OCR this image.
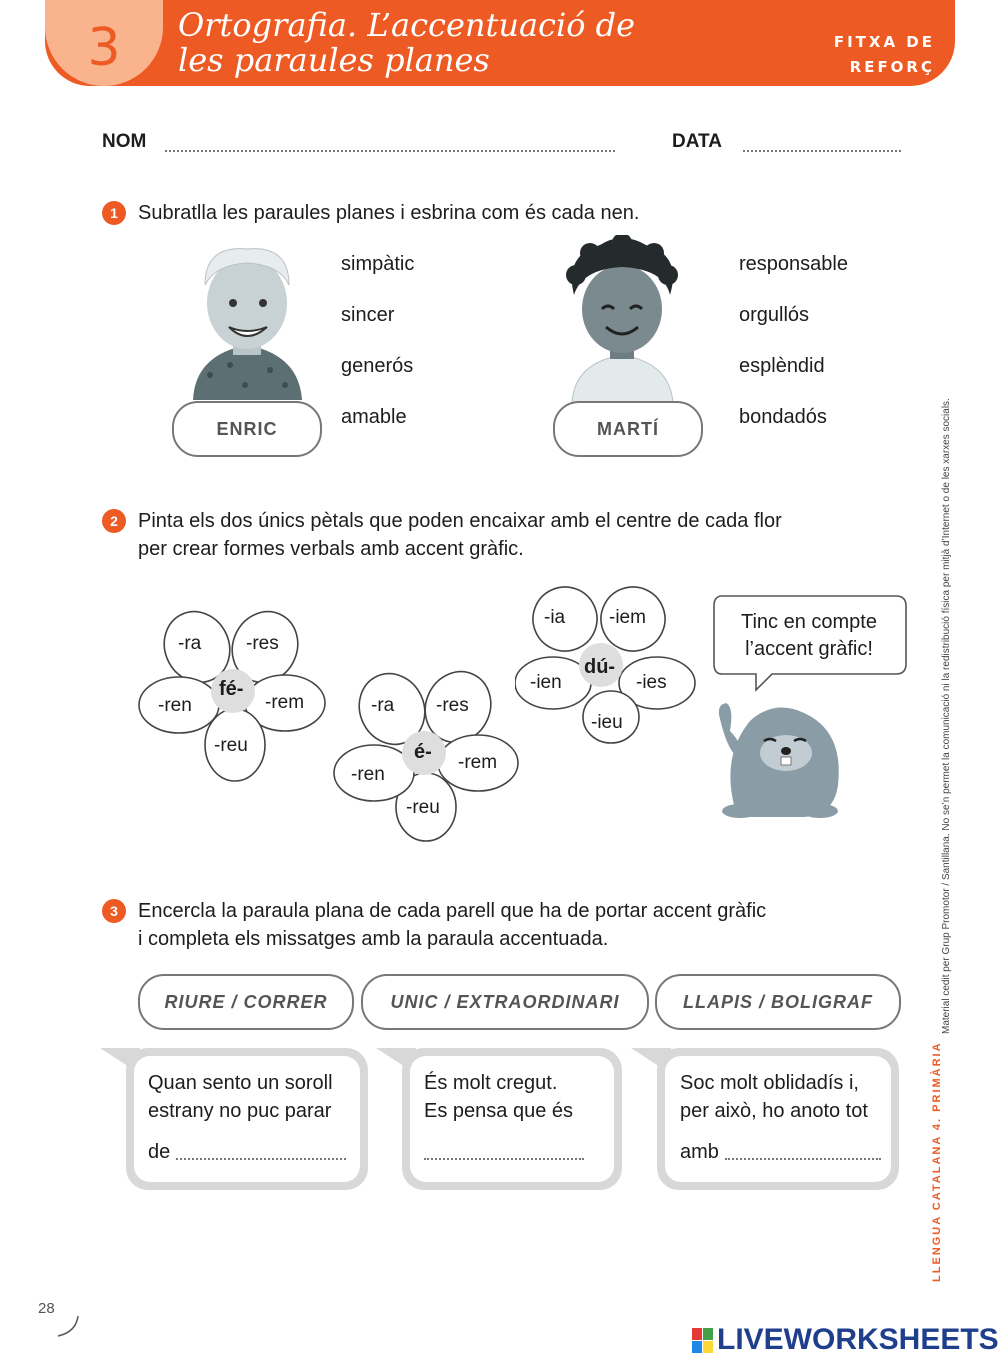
3	Ortografia. L’accentuació de
les paraules planes	FITXA DE
REFORÇ
NOM	DATA
1	Subratlla les paraules planes i esbrina com és cada nen.
ENRIC
simpàtic
sincer
generós
amable
MARTÍ
responsable
orgullós
esplèndid
bondadós
2	Pinta els dos únics pètals que poden encaixar amb el centre de cada flor
per crear formes verbals amb accent gràfic.
-ra -res
-rem
-reu
-ren
fé-
-ra -res
-rem
-reu
-ren
é-
-ia -iem
-ies
-ieu
-ien
dú-
Tinc en compte
l’accent gràfic!
3	Encercla la paraula plana de cada parell que ha de portar accent gràfic
i completa els missatges amb la paraula accentuada.
RIURE / CORRER	UNIC / EXTRAORDINARI	LLAPIS / BOLIGRAF
Quan sento un soroll
estrany no puc parar
de
És molt cregut.
Es pensa que és
Soc molt oblidadís i,
per això, ho anoto tot
amb	LLENGUA CATALANA 4. PRIMÀRIA
Material cedit per Grup Promotor / Santillana. No se’n permet la comunicació ni la redistribució física per mitjà d’Internet o de les xarxes socials.
28
LIVEWORKSHEETS
